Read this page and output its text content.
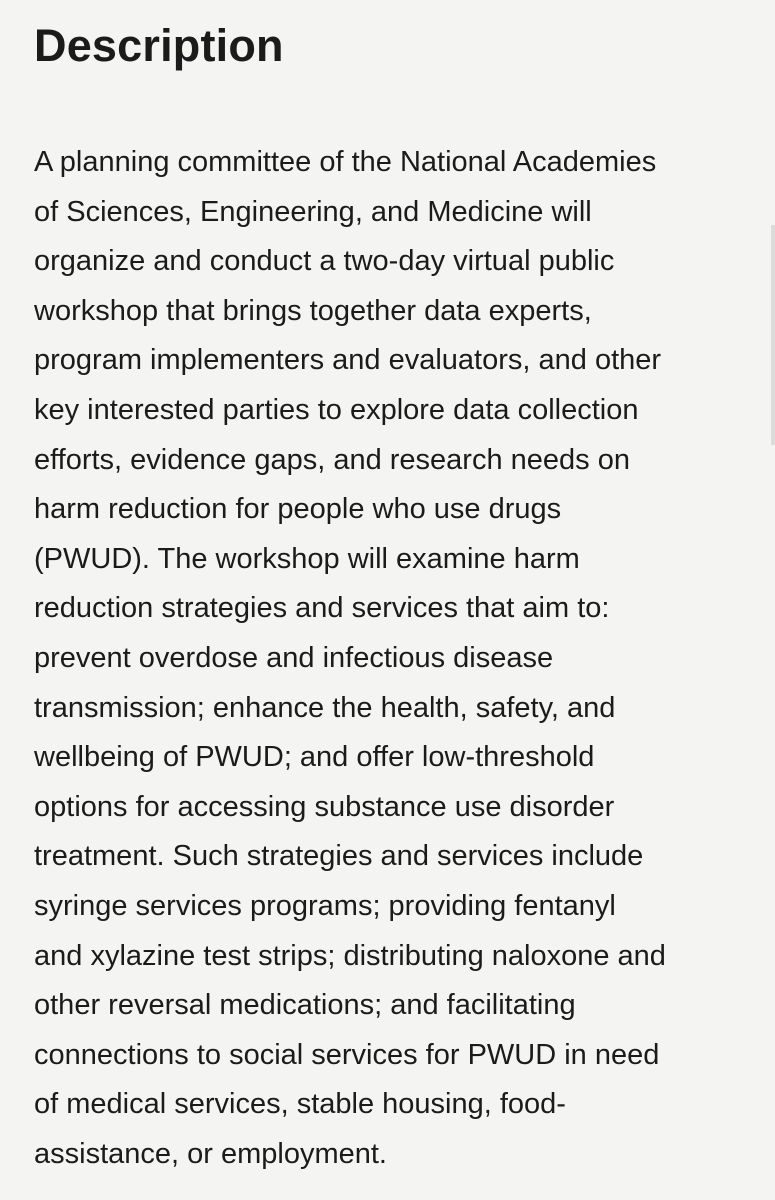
Description

A planning committee of the National Academies
of Sciences, Engineering, and Medicine will
organize and conduct a two-day virtual public
workshop that brings together data experts,
program implementers and evaluators, and other
key interested parties to explore data collection
efforts, evidence gaps, and research needs on
harm reduction for people who use drugs
(PWUD). The workshop will examine harm
reduction strategies and services that aim to:
prevent overdose and infectious disease
transmission; enhance the health, safety, and
wellbeing of PWUD; and offer low-threshold
options for accessing substance use disorder
treatment. Such strategies and services include
syringe services programs; providing fentanyl
and xylazine test strips; distributing naloxone and
other reversal medications; and facilitating
connections to social services for PWUD in need
of medical services, stable housing, food-
assistance, or employment.
